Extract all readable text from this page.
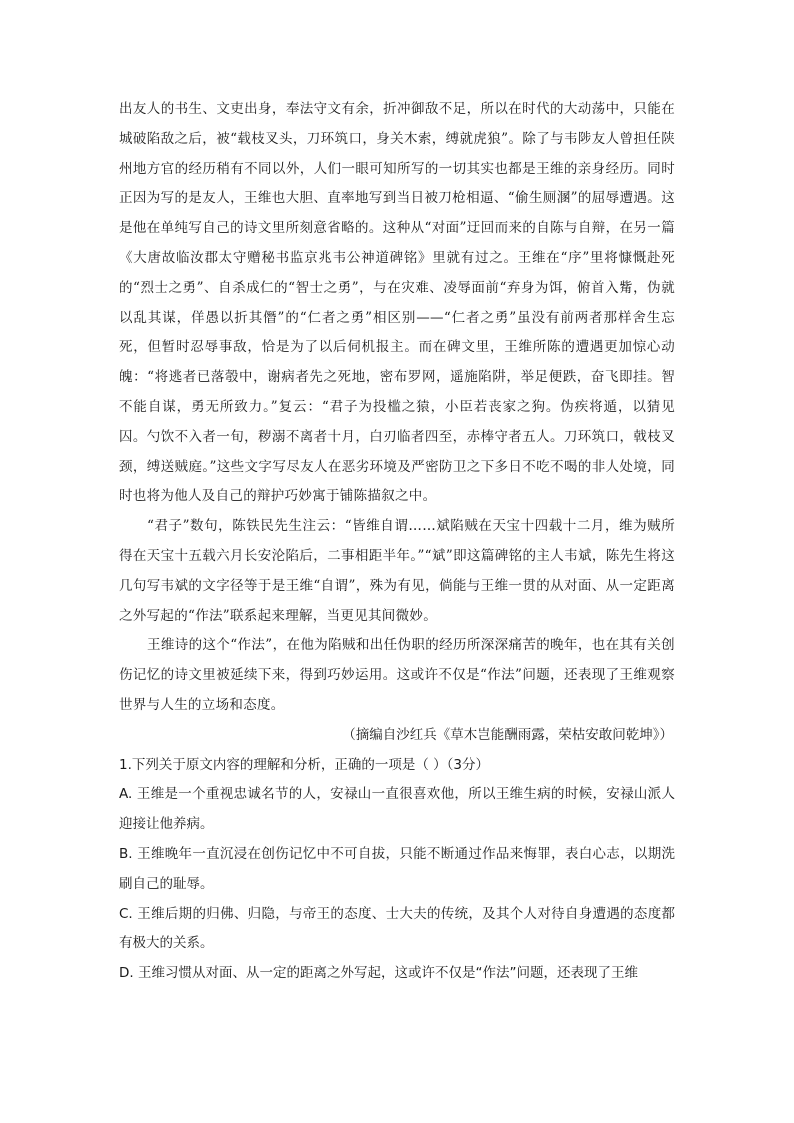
出友人的书生、文吏出身，奉法守文有余，折冲御敌不足，所以在时代的大动荡中，只能在城破陷敌之后，被“载枝叉头，刀环筑口，身关木索，缚就虎狼”。除了与韦陟友人曾担任陕州地方官的经历稍有不同以外，人们一眼可知所写的一切其实也都是王维的亲身经历。同时正因为写的是友人，王维也大胆、直率地写到当日被刀枪相逼、“偷生厕溷”的屈辱遭遇。这是他在单纯写自己的诗文里所刻意省略的。这种从“对面”迂回而来的自陈与自辩，在另一篇《大唐故临汝郡太守赠秘书监京兆韦公神道碑铭》里就有过之。王维在“序”里将慷慨赴死的“烈士之勇”、自杀成仁的“智士之勇”，与在灾难、凌辱面前“弃身为饵，俯首入觜，伪就以乱其谋，佯愚以折其僭”的“仁者之勇”相区别——“仁者之勇”虽没有前两者那样舍生忘死，但暂时忍辱事敌，恰是为了以后伺机报主。而在碑文里，王维所陈的遭遇更加惊心动魄：“将逃者已落彀中，谢病者先之死地，密布罗网，遥施陷阱，举足便跌，奋飞即挂。智不能自谋，勇无所致力。”复云：“君子为投槛之猿，小臣若丧家之狗。伪疾将遁，以猜见囚。勺饮不入者一旬，秽溺不离者十月，白刃临者四至，赤棒守者五人。刀环筑口，戟枝叉颈，缚送贼庭。”这些文字写尽友人在恶劣环境及严密防卫之下多日不吃不喝的非人处境，同时也将为他人及自己的辩护巧妙寓于铺陈描叙之中。

“君子”数句，陈铁民先生注云：“皆维自谓……斌陷贼在天宝十四载十二月，维为贼所得在天宝十五载六月长安沦陷后，二事相距半年。”“斌”即这篇碑铭的主人韦斌，陈先生将这几句写韦斌的文字径等于是王维“自谓”，殊为有见，倘能与王维一贯的从对面、从一定距离之外写起的“作法”联系起来理解，当更见其间微妙。

王维诗的这个“作法”，在他为陷贼和出任伪职的经历所深深痛苦的晚年，也在其有关创伤记忆的诗文里被延续下来，得到巧妙运用。这或许不仅是“作法”问题，还表现了王维观察世界与人生的立场和态度。

（摘编自沙红兵《草木岂能酬雨露，荣枯安敢问乾坤》）

1.下列关于原文内容的理解和分析，正确的一项是（ ）（3分）

A. 王维是一个重视忠诚名节的人，安禄山一直很喜欢他，所以王维生病的时候，安禄山派人迎接让他养病。

B. 王维晚年一直沉浸在创伤记忆中不可自拔，只能不断通过作品来悔罪，表白心志，以期洗刷自己的耻辱。

C. 王维后期的归佛、归隐，与帝王的态度、士大夫的传统，及其个人对待自身遭遇的态度都有极大的关系。

D. 王维习惯从对面、从一定的距离之外写起，这或许不仅是“作法”问题，还表现了王维
